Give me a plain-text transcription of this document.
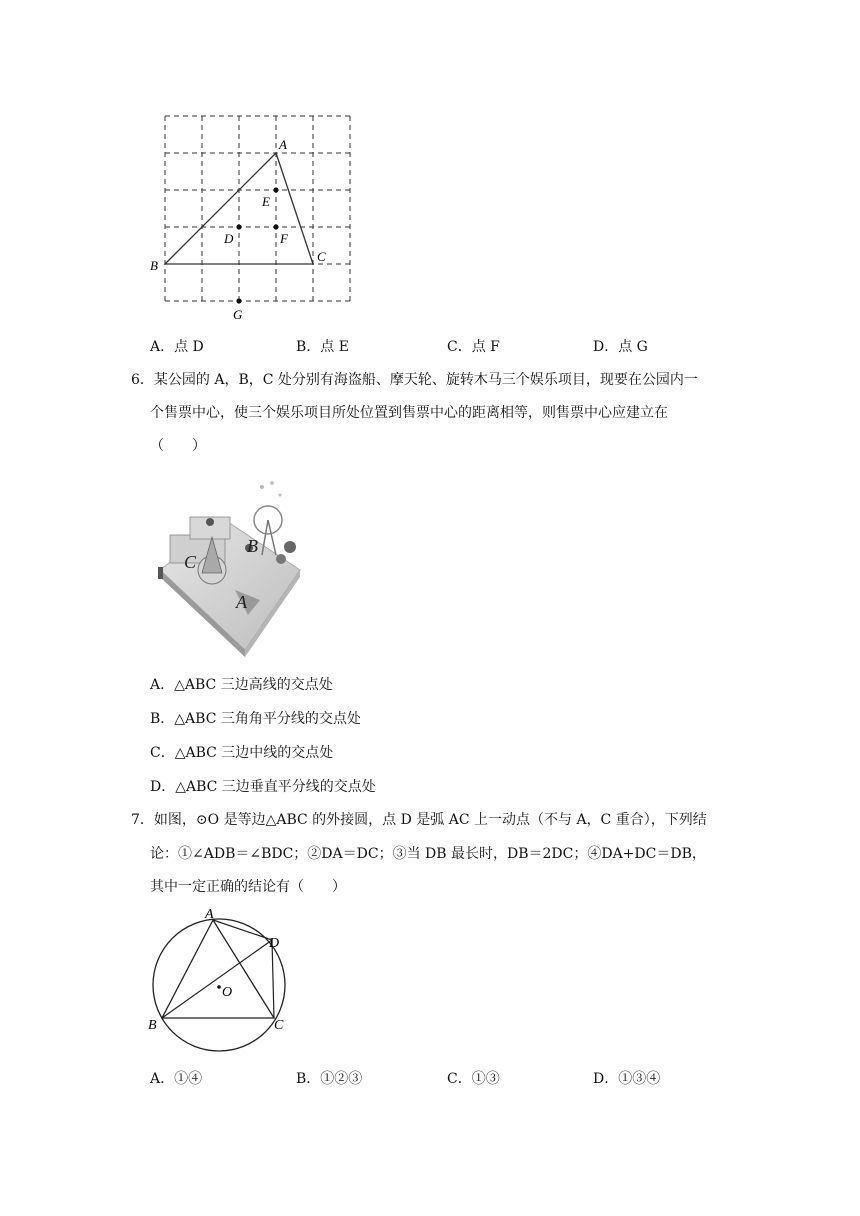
A
B
C
D
E
F
G
A．点 D	B．点 E	C．点 F	D．点 G
6．某公园的 A，B，C 处分别有海盗船、摩天轮、旋转木马三个娱乐项目，现要在公园内一
个售票中心，使三个娱乐项目所处位置到售票中心的距离相等，则售票中心应建立在
（　　）
C
B
A
A．△ABC 三边高线的交点处
B．△ABC 三角角平分线的交点处
C．△ABC 三边中线的交点处
D．△ABC 三边垂直平分线的交点处
7．如图，⊙O 是等边△ABC 的外接圆，点 D 是弧 AC 上一动点（不与 A，C 重合），下列结
论：①∠ADB＝∠BDC；②DA＝DC；③当 DB 最长时，DB＝2DC；④DA+DC＝DB，
其中一定正确的结论有（　　）
A
D
O
B	C
A．①④	B．①②③	C．①③	D．①③④
